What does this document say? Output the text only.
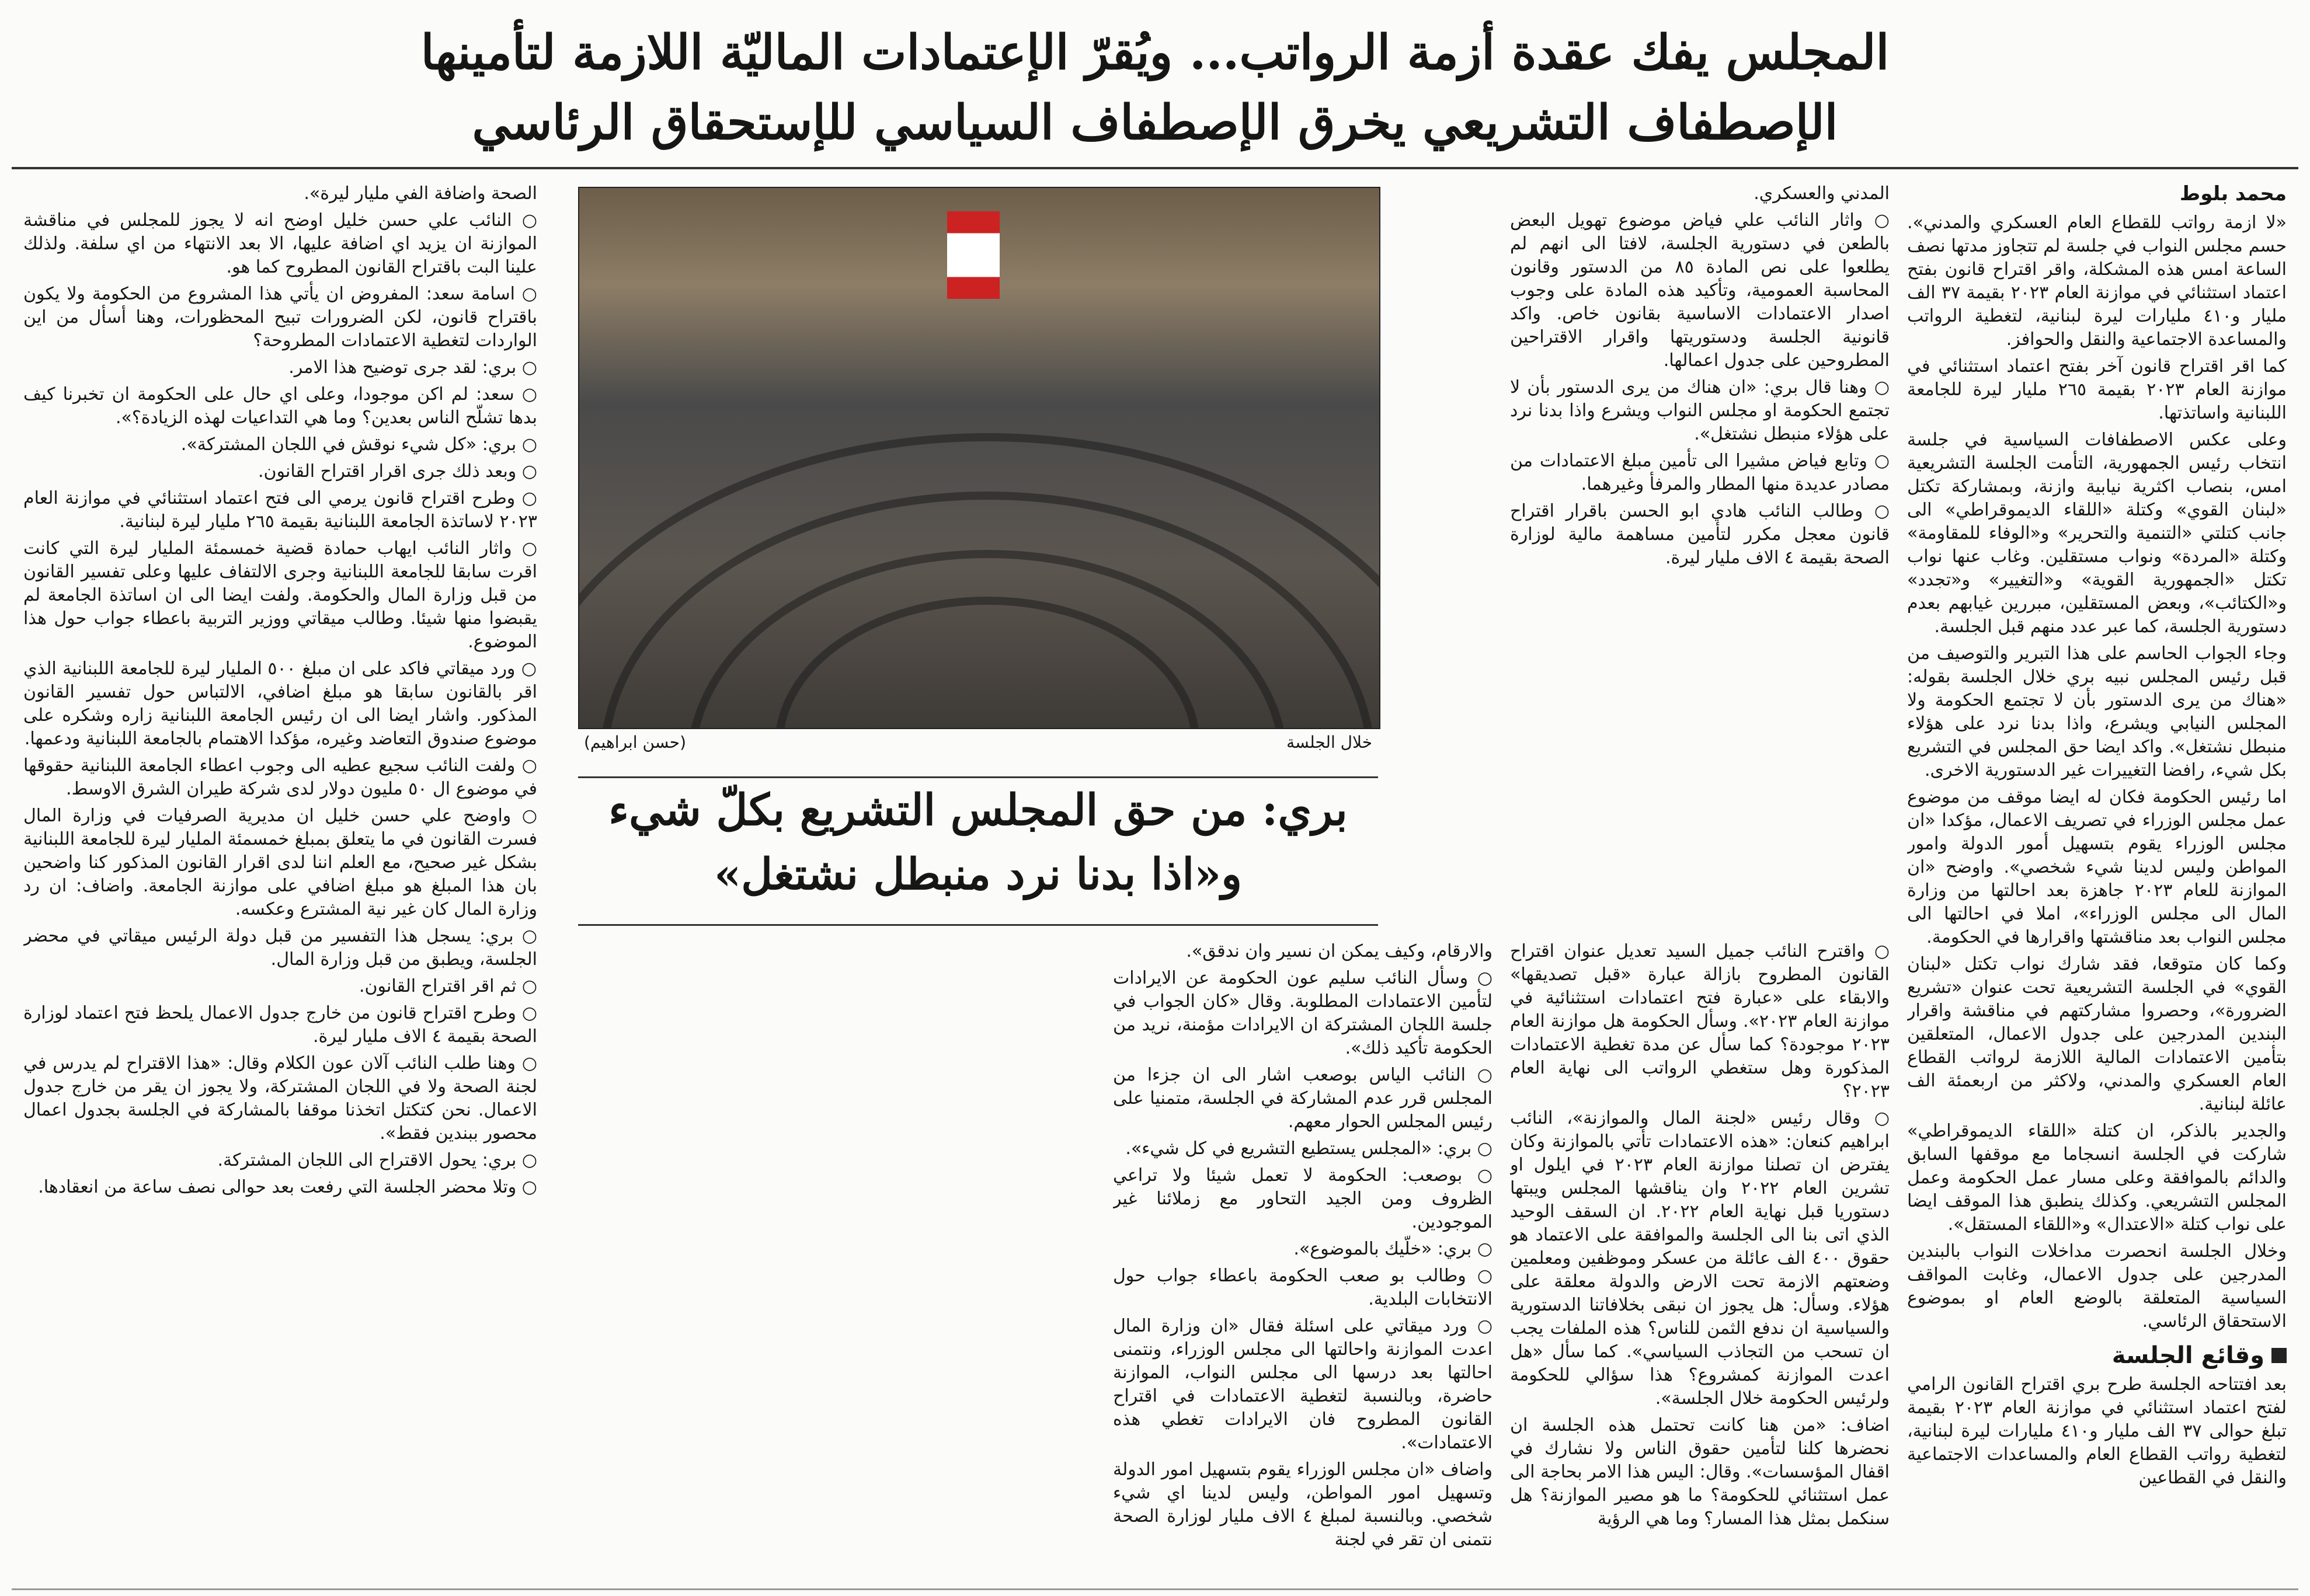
المجلس يفك عقدة أزمة الرواتب... ويُقرّ الإعتمادات الماليّة اللازمة لتأمينها
الإصطفاف التشريعي يخرق الإصطفاف السياسي للإستحقاق الرئاسي

محمد بلوط

«لا ازمة رواتب للقطاع العام العسكري والمدني». حسم مجلس النواب في جلسة لم تتجاوز مدتها نصف الساعة امس هذه المشكلة، واقر اقتراح قانون بفتح اعتماد استثنائي في موازنة العام ٢٠٢٣ بقيمة ٣٧ الف مليار و٤١٠ مليارات ليرة لبنانية، لتغطية الرواتب والمساعدة الاجتماعية والنقل والحوافز.

كما اقر اقتراح قانون آخر بفتح اعتماد استثنائي في موازنة العام ٢٠٢٣ بقيمة ٢٦٥ مليار ليرة للجامعة اللبنانية واساتذتها.

وعلى عكس الاصطفافات السياسية في جلسة انتخاب رئيس الجمهورية، التأمت الجلسة التشريعية امس، بنصاب اكثرية نيابية وازنة، وبمشاركة تكتل «لبنان القوي» وكتلة «اللقاء الديموقراطي» الى جانب كتلتي «التنمية والتحرير» و«الوفاء للمقاومة» وكتلة «المردة» ونواب مستقلين. وغاب عنها نواب تكتل «الجمهورية القوية» و«التغيير» و«تجدد» و«الكتائب»، وبعض المستقلين، مبررين غيابهم بعدم دستورية الجلسة، كما عبر عدد منهم قبل الجلسة.

وجاء الجواب الحاسم على هذا التبرير والتوصيف من قبل رئيس المجلس نبيه بري خلال الجلسة بقوله: «هناك من يرى الدستور بأن لا تجتمع الحكومة ولا المجلس النيابي ويشرع، واذا بدنا نرد على هؤلاء منبطل نشتغل». واكد ايضا حق المجلس في التشريع بكل شيء، رافضا التغييرات غير الدستورية الاخرى.

اما رئيس الحكومة فكان له ايضا موقف من موضوع عمل مجلس الوزراء في تصريف الاعمال، مؤكدا «ان مجلس الوزراء يقوم بتسهيل أمور الدولة وامور المواطن وليس لدينا شيء شخصي». واوضح «ان الموازنة للعام ٢٠٢٣ جاهزة بعد احالتها من وزارة المال الى مجلس الوزراء»، املا في احالتها الى مجلس النواب بعد مناقشتها واقرارها في الحكومة.

وكما كان متوقعا، فقد شارك نواب تكتل «لبنان القوي» في الجلسة التشريعية تحت عنوان «تشريع الضرورة»، وحصروا مشاركتهم في مناقشة واقرار البندين المدرجين على جدول الاعمال، المتعلقين بتأمين الاعتمادات المالية اللازمة لرواتب القطاع العام العسكري والمدني، ولاكثر من اربعمئة الف عائلة لبنانية.

والجدير بالذكر، ان كتلة «اللقاء الديموقراطي» شاركت في الجلسة انسجاما مع موقفها السابق والدائم بالموافقة وعلى مسار عمل الحكومة وعمل المجلس التشريعي. وكذلك ينطبق هذا الموقف ايضا على نواب كتلة «الاعتدال» و«اللقاء المستقل».

وخلال الجلسة انحصرت مداخلات النواب بالبندين المدرجين على جدول الاعمال، وغابت المواقف السياسية المتعلقة بالوضع العام او بموضوع الاستحقاق الرئاسي.

وقائع الجلسة

بعد افتتاحه الجلسة طرح بري اقتراح القانون الرامي لفتح اعتماد استثنائي في موازنة العام ٢٠٢٣ بقيمة تبلغ حوالى ٣٧ الف مليار و٤١٠ مليارات ليرة لبنانية، لتغطية رواتب القطاع العام والمساعدات الاجتماعية والنقل في القطاعين

المدني والعسكري.

○ واثار النائب علي فياض موضوع تهويل البعض بالطعن في دستورية الجلسة، لافتا الى انهم لم يطلعوا على نص المادة ٨٥ من الدستور وقانون المحاسبة العمومية، وتأكيد هذه المادة على وجوب اصدار الاعتمادات الاساسية بقانون خاص. واكد قانونية الجلسة ودستوريتها واقرار الاقتراحين المطروحين على جدول اعمالها.

○ وهنا قال بري: «ان هناك من يرى الدستور بأن لا تجتمع الحكومة او مجلس النواب ويشرع واذا بدنا نرد على هؤلاء منبطل نشتغل».

○ وتابع فياض مشيرا الى تأمين مبلغ الاعتمادات من مصادر عديدة منها المطار والمرفأ وغيرهما.

○ وطالب النائب هادي ابو الحسن باقرار اقتراح قانون معجل مكرر لتأمين مساهمة مالية لوزارة الصحة بقيمة ٤ الاف مليار ليرة.

خلال الجلسة
(حسن ابراهيم)
بري: من حق المجلس التشريع بكلّ شيء
و«اذا بدنا نرد منبطل نشتغل»

○ واقترح النائب جميل السيد تعديل عنوان اقتراح القانون المطروح بازالة عبارة «قبل تصديقها» والابقاء على «عبارة فتح اعتمادات استثنائية في موازنة العام ٢٠٢٣». وسأل الحكومة هل موازنة العام ٢٠٢٣ موجودة؟ كما سأل عن مدة تغطية الاعتمادات المذكورة وهل ستغطي الرواتب الى نهاية العام ٢٠٢٣؟

○ وقال رئيس «لجنة المال والموازنة»، النائب ابراهيم كنعان: «هذه الاعتمادات تأتي بالموازنة وكان يفترض ان تصلنا موازنة العام ٢٠٢٣ في ايلول او تشرين العام ٢٠٢٢ وان يناقشها المجلس ويبتها دستوريا قبل نهاية العام ٢٠٢٢. ان السقف الوحيد الذي اتى بنا الى الجلسة والموافقة على الاعتماد هو حقوق ٤٠٠ الف عائلة من عسكر وموظفين ومعلمين وضعتهم الازمة تحت الارض والدولة معلقة على هؤلاء. وسأل: هل يجوز ان نبقى بخلافاتنا الدستورية والسياسية ان ندفع الثمن للناس؟ هذه الملفات يجب ان تسحب من التجاذب السياسي». كما سأل «هل اعدت الموازنة كمشروع؟ هذا سؤالي للحكومة ولرئيس الحكومة خلال الجلسة».

اضاف: «من هنا كانت تحتمل هذه الجلسة ان نحضرها كلنا لتأمين حقوق الناس ولا نشارك في اقفال المؤسسات». وقال: اليس هذا الامر بحاجة الى عمل استثنائي للحكومة؟ ما هو مصير الموازنة؟ هل سنكمل بمثل هذا المسار؟ وما هي الرؤية

والارقام، وكيف يمكن ان نسير وان ندقق».

○ وسأل النائب سليم عون الحكومة عن الايرادات لتأمين الاعتمادات المطلوبة. وقال «كان الجواب في جلسة اللجان المشتركة ان الايرادات مؤمنة، نريد من الحكومة تأكيد ذلك».

○ النائب الياس بوصعب اشار الى ان جزءا من المجلس قرر عدم المشاركة في الجلسة، متمنيا على رئيس المجلس الحوار معهم.

○ بري: «المجلس يستطيع التشريع في كل شيء».

○ بوصعب: الحكومة لا تعمل شيئا ولا تراعي الظروف ومن الجيد التحاور مع زملائنا غير الموجودين.

○ بري: «خلّيك بالموضوع».

○ وطالب بو صعب الحكومة باعطاء جواب حول الانتخابات البلدية.

○ ورد ميقاتي على اسئلة فقال «ان وزارة المال اعدت الموازنة واحالتها الى مجلس الوزراء، ونتمنى احالتها بعد درسها الى مجلس النواب، الموازنة حاضرة، وبالنسبة لتغطية الاعتمادات في اقتراح القانون المطروح فان الايرادات تغطي هذه الاعتمادات».

واضاف «ان مجلس الوزراء يقوم بتسهيل امور الدولة وتسهيل امور المواطن، وليس لدينا اي شيء شخصي. وبالنسبة لمبلغ ٤ الاف مليار لوزارة الصحة نتمنى ان تقر في لجنة

الصحة واضافة الفي مليار ليرة».

○ النائب علي حسن خليل اوضح انه لا يجوز للمجلس في مناقشة الموازنة ان يزيد اي اضافة عليها، الا بعد الانتهاء من اي سلفة. ولذلك علينا البت باقتراح القانون المطروح كما هو.

○ اسامة سعد: المفروض ان يأتي هذا المشروع من الحكومة ولا يكون باقتراح قانون، لكن الضرورات تبيح المحظورات، وهنا أسأل من اين الواردات لتغطية الاعتمادات المطروحة؟

○ بري: لقد جرى توضيح هذا الامر.

○ سعد: لم اكن موجودا، وعلى اي حال على الحكومة ان تخبرنا كيف بدها تشلّح الناس بعدين؟ وما هي التداعيات لهذه الزيادة؟».

○ بري: «كل شيء نوقش في اللجان المشتركة».

○ وبعد ذلك جرى اقرار اقتراح القانون.

○ وطرح اقتراح قانون يرمي الى فتح اعتماد استثنائي في موازنة العام ٢٠٢٣ لاساتذة الجامعة اللبنانية بقيمة ٢٦٥ مليار ليرة لبنانية.

○ واثار النائب ايهاب حمادة قضية خمسمئة المليار ليرة التي كانت اقرت سابقا للجامعة اللبنانية وجرى الالتفاف عليها وعلى تفسير القانون من قبل وزارة المال والحكومة. ولفت ايضا الى ان اساتذة الجامعة لم يقبضوا منها شيئا. وطالب ميقاتي ووزير التربية باعطاء جواب حول هذا الموضوع.

○ ورد ميقاتي فاكد على ان مبلغ ٥٠٠ المليار ليرة للجامعة اللبنانية الذي اقر بالقانون سابقا هو مبلغ اضافي، الالتباس حول تفسير القانون المذكور. واشار ايضا الى ان رئيس الجامعة اللبنانية زاره وشكره على موضوع صندوق التعاضد وغيره، مؤكدا الاهتمام بالجامعة اللبنانية ودعمها.

○ ولفت النائب سجيع عطيه الى وجوب اعطاء الجامعة اللبنانية حقوقها في موضوع ال ٥٠ مليون دولار لدى شركة طيران الشرق الاوسط.

○ واوضح علي حسن خليل ان مديرية الصرفيات في وزارة المال فسرت القانون في ما يتعلق بمبلغ خمسمئة المليار ليرة للجامعة اللبنانية بشكل غير صحيح، مع العلم اننا لدى اقرار القانون المذكور كنا واضحين بان هذا المبلغ هو مبلغ اضافي على موازنة الجامعة. واضاف: ان رد وزارة المال كان غير نية المشترع وعكسه.

○ بري: يسجل هذا التفسير من قبل دولة الرئيس ميقاتي في محضر الجلسة، ويطبق من قبل وزارة المال.

○ ثم اقر اقتراح القانون.

○ وطرح اقتراح قانون من خارج جدول الاعمال يلحظ فتح اعتماد لوزارة الصحة بقيمة ٤ الاف مليار ليرة.

○ وهنا طلب النائب آلان عون الكلام وقال: «هذا الاقتراح لم يدرس في لجنة الصحة ولا في اللجان المشتركة، ولا يجوز ان يقر من خارج جدول الاعمال. نحن كتكتل اتخذنا موقفا بالمشاركة في الجلسة بجدول اعمال محصور ببندين فقط».

○ بري: يحول الاقتراح الى اللجان المشتركة.

○ وتلا محضر الجلسة التي رفعت بعد حوالى نصف ساعة من انعقادها.
